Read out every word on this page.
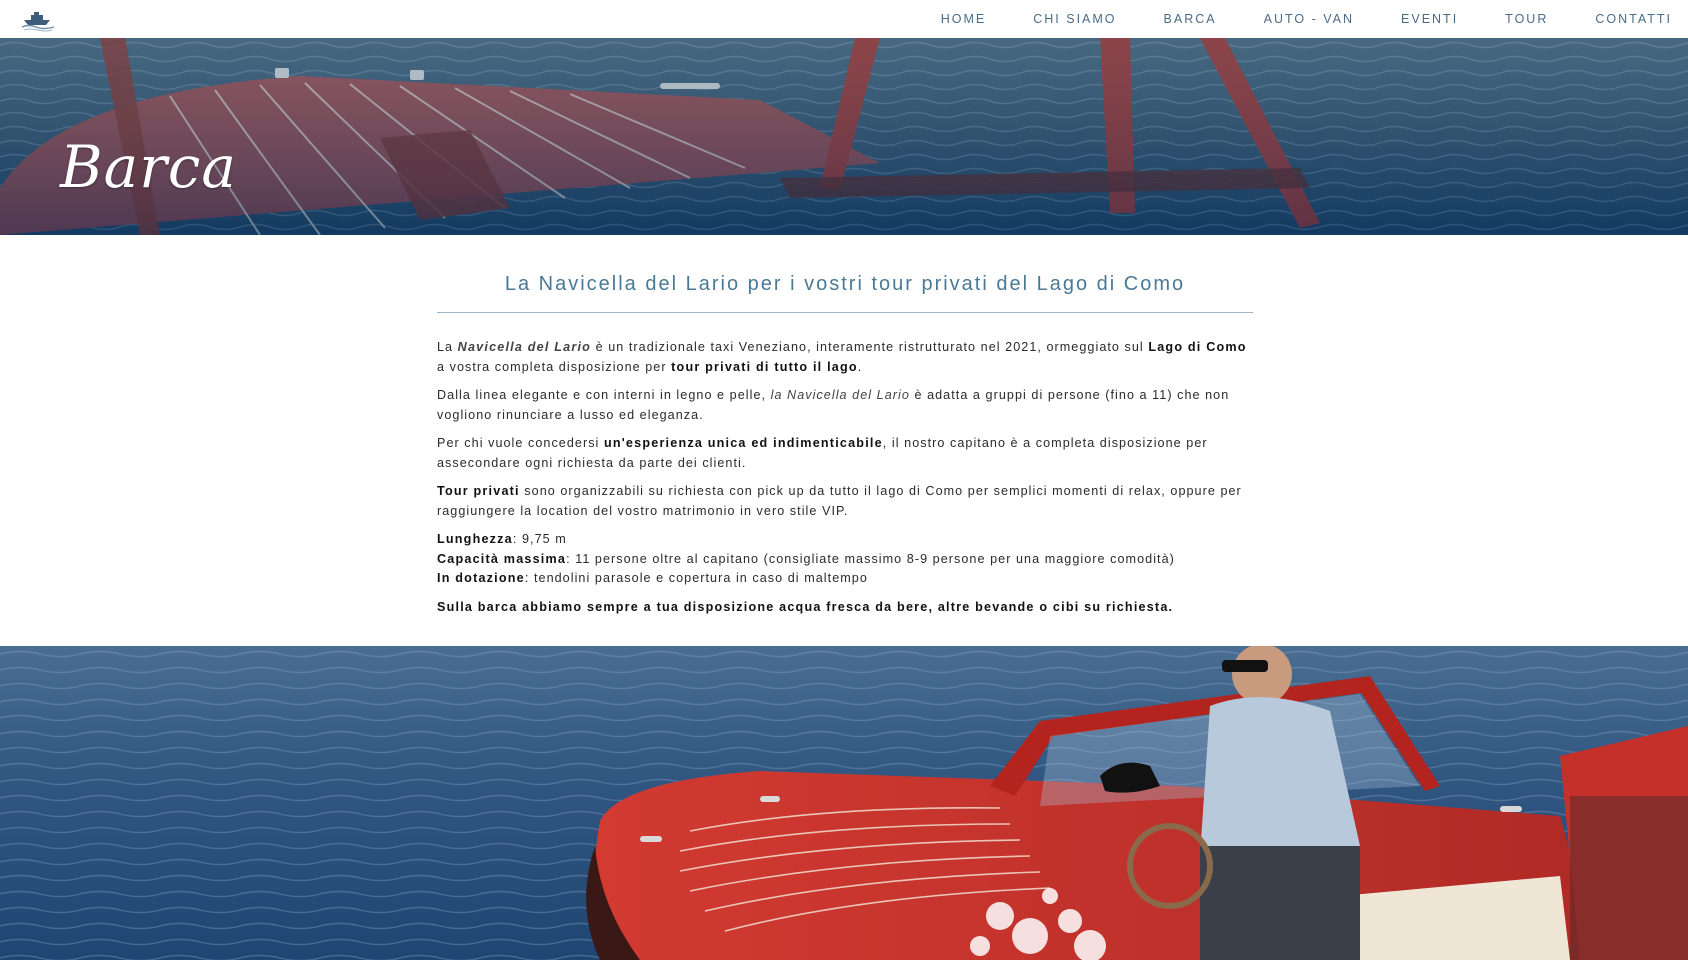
HOME	CHI SIAMO	BARCA	AUTO - VAN	EVENTI	TOUR	CONTATTI
Barca
La Navicella del Lario per i vostri tour privati del Lago di Como

La Navicella del Lario è un tradizionale taxi Veneziano, interamente ristrutturato nel 2021, ormeggiato sul Lago di Como a vostra completa disposizione per tour privati di tutto il lago.

Dalla linea elegante e con interni in legno e pelle, la Navicella del Lario è adatta a gruppi di persone (fino a 11) che non vogliono rinunciare a lusso ed eleganza.

Per chi vuole concedersi un'esperienza unica ed indimenticabile, il nostro capitano è a completa disposizione per assecondare ogni richiesta da parte dei clienti.

Tour privati sono organizzabili su richiesta con pick up da tutto il lago di Como per semplici momenti di relax, oppure per raggiungere la location del vostro matrimonio in vero stile VIP.

Lunghezza: 9,75 m
Capacità massima: 11 persone oltre al capitano (consigliate massimo 8-9 persone per una maggiore comodità)
In dotazione: tendolini parasole e copertura in caso di maltempo

Sulla barca abbiamo sempre a tua disposizione acqua fresca da bere, altre bevande o cibi su richiesta.
